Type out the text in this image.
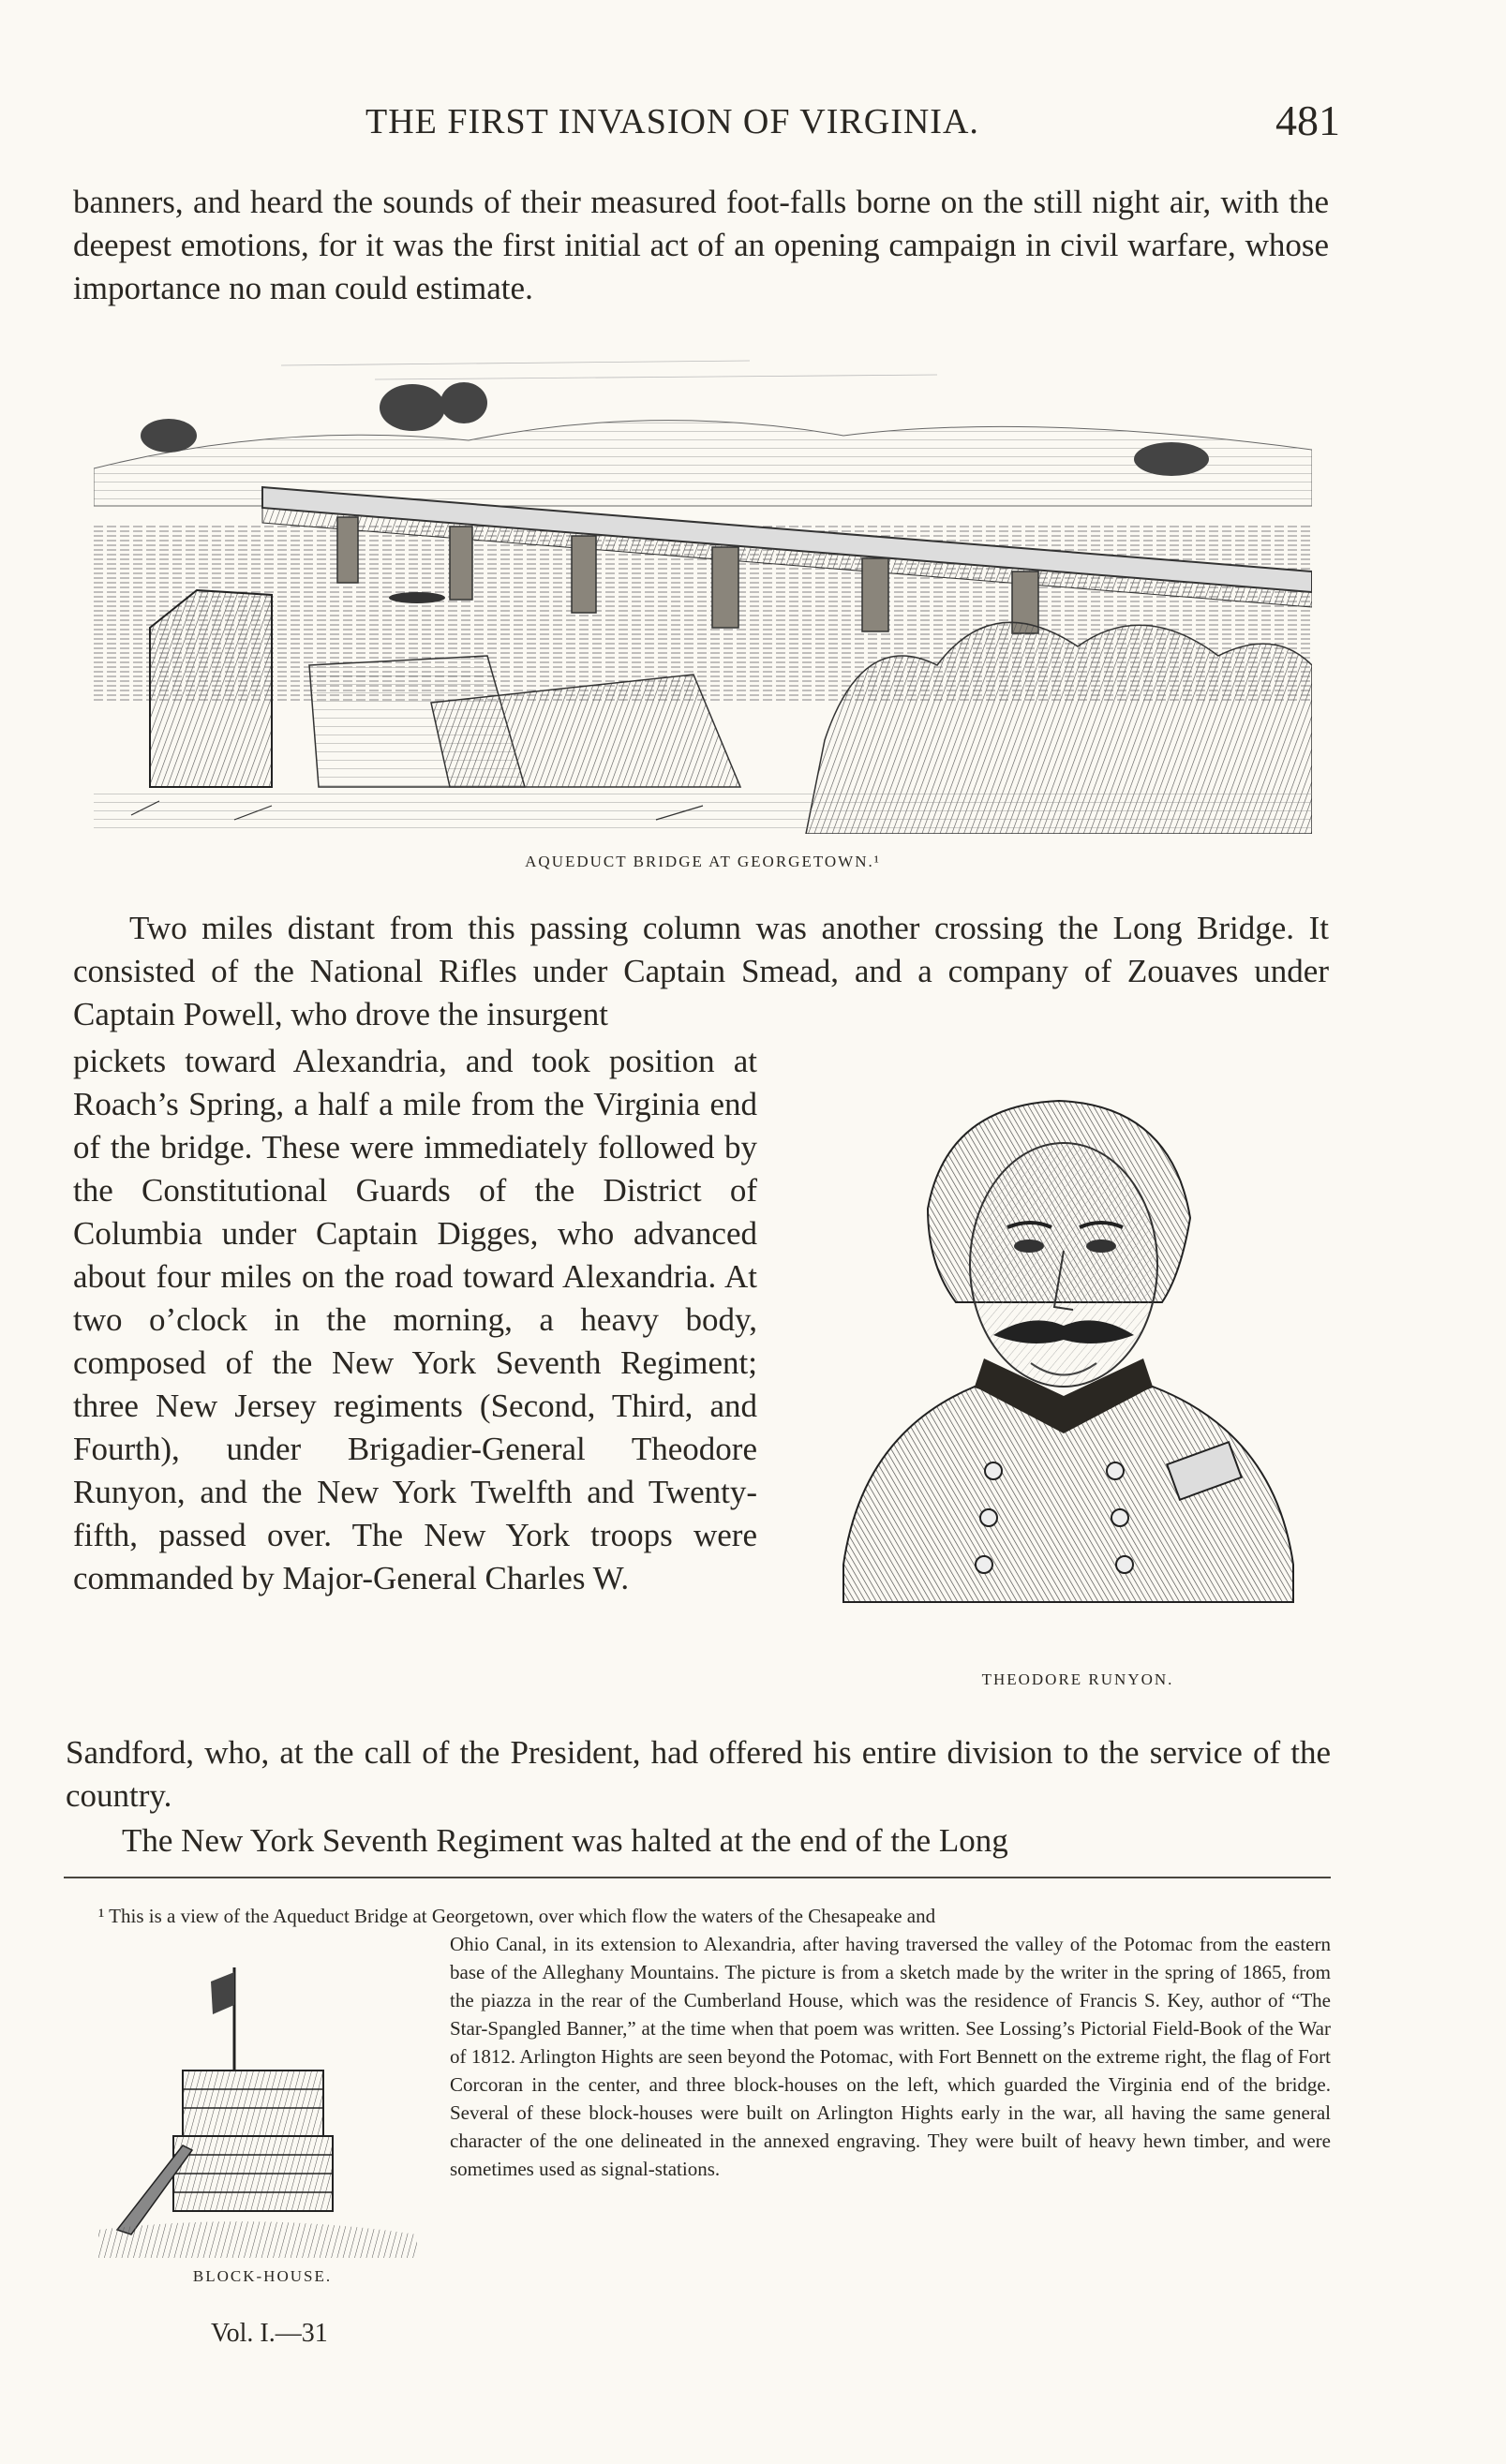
THE FIRST INVASION OF VIRGINIA.	481

banners, and heard the sounds of their measured foot-falls borne on the still night air, with the deepest emotions, for it was the first initial act of an opening campaign in civil warfare, whose importance no man could estimate.

AQUEDUCT BRIDGE AT GEORGETOWN.¹

Two miles distant from this passing column was another crossing the Long Bridge. It consisted of the National Rifles under Captain Smead, and a company of Zouaves under Captain Powell, who drove the insurgent

pickets toward Alexandria, and took position at Roach’s Spring, a half a mile from the Virginia end of the bridge. These were immediately followed by the Constitutional Guards of the District of Columbia under Captain Digges, who advanced about four miles on the road toward Alexandria. At two o’clock in the morning, a heavy body, composed of the New York Seventh Regiment; three New Jersey regiments (Second, Third, and Fourth), under Brigadier-General Theodore Runyon, and the New York Twelfth and Twenty-fifth, passed over. The New York troops were commanded by Major-General Charles W.

THEODORE RUNYON.

Sandford, who, at the call of the President, had offered his entire division to the service of the country.

The New York Seventh Regiment was halted at the end of the Long

¹ This is a view of the Aqueduct Bridge at Georgetown, over which flow the waters of the Chesapeake and
Ohio Canal, in its extension to Alexandria, after having traversed the valley of the Potomac from the eastern base of the Alleghany Mountains. The picture is from a sketch made by the writer in the spring of 1865, from the piazza in the rear of the Cumberland House, which was the residence of Francis S. Key, author of “The Star-Spangled Banner,” at the time when that poem was written. See Lossing’s Pictorial Field-Book of the War of 1812. Arlington Hights are seen beyond the Potomac, with Fort Bennett on the extreme right, the flag of Fort Corcoran in the center, and three block-houses on the left, which guarded the Virginia end of the bridge. Several of these block-houses were built on Arlington Hights early in the war, all having the same general character of the one delineated in the annexed engraving. They were built of heavy hewn timber, and were sometimes used as signal-stations.
BLOCK-HOUSE.
Vol. I.—31
